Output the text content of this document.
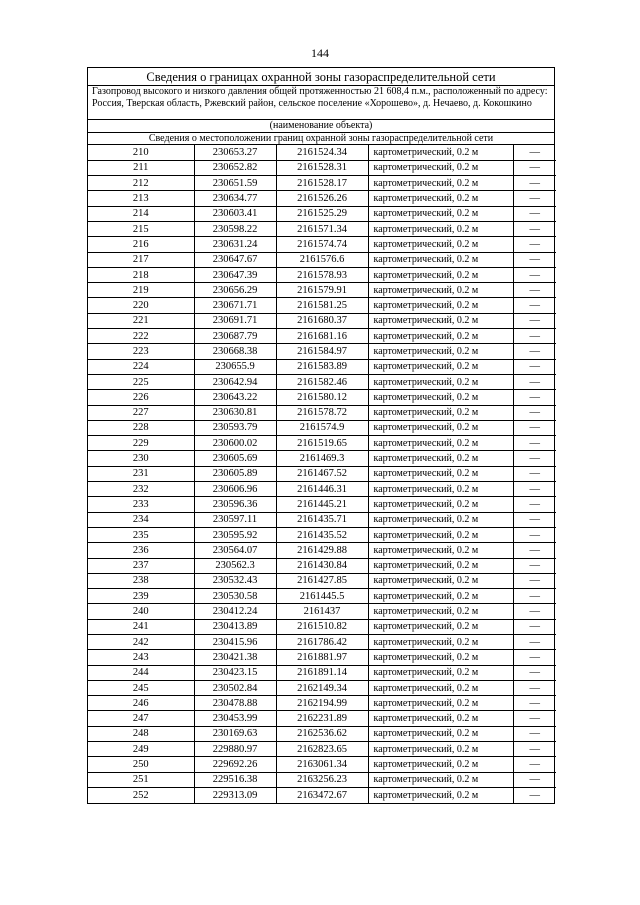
144
Сведения о границах охранной зоны газораспределительной сети
Газопровод высокого и низкого давления общей протяженностью 21 608,4 п.м., расположенный по адресу: Россия, Тверская область, Ржевский район, сельское поселение «Хорошево», д. Нечаево, д. Кокошкино
(наименование объекта)
Сведения о местоположении границ охранной зоны газораспределительной сети
210	230653.27	2161524.34	картометрический, 0.2 м	—
211	230652.82	2161528.31	картометрический, 0.2 м	—
212	230651.59	2161528.17	картометрический, 0.2 м	—
213	230634.77	2161526.26	картометрический, 0.2 м	—
214	230603.41	2161525.29	картометрический, 0.2 м	—
215	230598.22	2161571.34	картометрический, 0.2 м	—
216	230631.24	2161574.74	картометрический, 0.2 м	—
217	230647.67	2161576.6	картометрический, 0.2 м	—
218	230647.39	2161578.93	картометрический, 0.2 м	—
219	230656.29	2161579.91	картометрический, 0.2 м	—
220	230671.71	2161581.25	картометрический, 0.2 м	—
221	230691.71	2161680.37	картометрический, 0.2 м	—
222	230687.79	2161681.16	картометрический, 0.2 м	—
223	230668.38	2161584.97	картометрический, 0.2 м	—
224	230655.9	2161583.89	картометрический, 0.2 м	—
225	230642.94	2161582.46	картометрический, 0.2 м	—
226	230643.22	2161580.12	картометрический, 0.2 м	—
227	230630.81	2161578.72	картометрический, 0.2 м	—
228	230593.79	2161574.9	картометрический, 0.2 м	—
229	230600.02	2161519.65	картометрический, 0.2 м	—
230	230605.69	2161469.3	картометрический, 0.2 м	—
231	230605.89	2161467.52	картометрический, 0.2 м	—
232	230606.96	2161446.31	картометрический, 0.2 м	—
233	230596.36	2161445.21	картометрический, 0.2 м	—
234	230597.11	2161435.71	картометрический, 0.2 м	—
235	230595.92	2161435.52	картометрический, 0.2 м	—
236	230564.07	2161429.88	картометрический, 0.2 м	—
237	230562.3	2161430.84	картометрический, 0.2 м	—
238	230532.43	2161427.85	картометрический, 0.2 м	—
239	230530.58	2161445.5	картометрический, 0.2 м	—
240	230412.24	2161437	картометрический, 0.2 м	—
241	230413.89	2161510.82	картометрический, 0.2 м	—
242	230415.96	2161786.42	картометрический, 0.2 м	—
243	230421.38	2161881.97	картометрический, 0.2 м	—
244	230423.15	2161891.14	картометрический, 0.2 м	—
245	230502.84	2162149.34	картометрический, 0.2 м	—
246	230478.88	2162194.99	картометрический, 0.2 м	—
247	230453.99	2162231.89	картометрический, 0.2 м	—
248	230169.63	2162536.62	картометрический, 0.2 м	—
249	229880.97	2162823.65	картометрический, 0.2 м	—
250	229692.26	2163061.34	картометрический, 0.2 м	—
251	229516.38	2163256.23	картометрический, 0.2 м	—
252	229313.09	2163472.67	картометрический, 0.2 м	—
